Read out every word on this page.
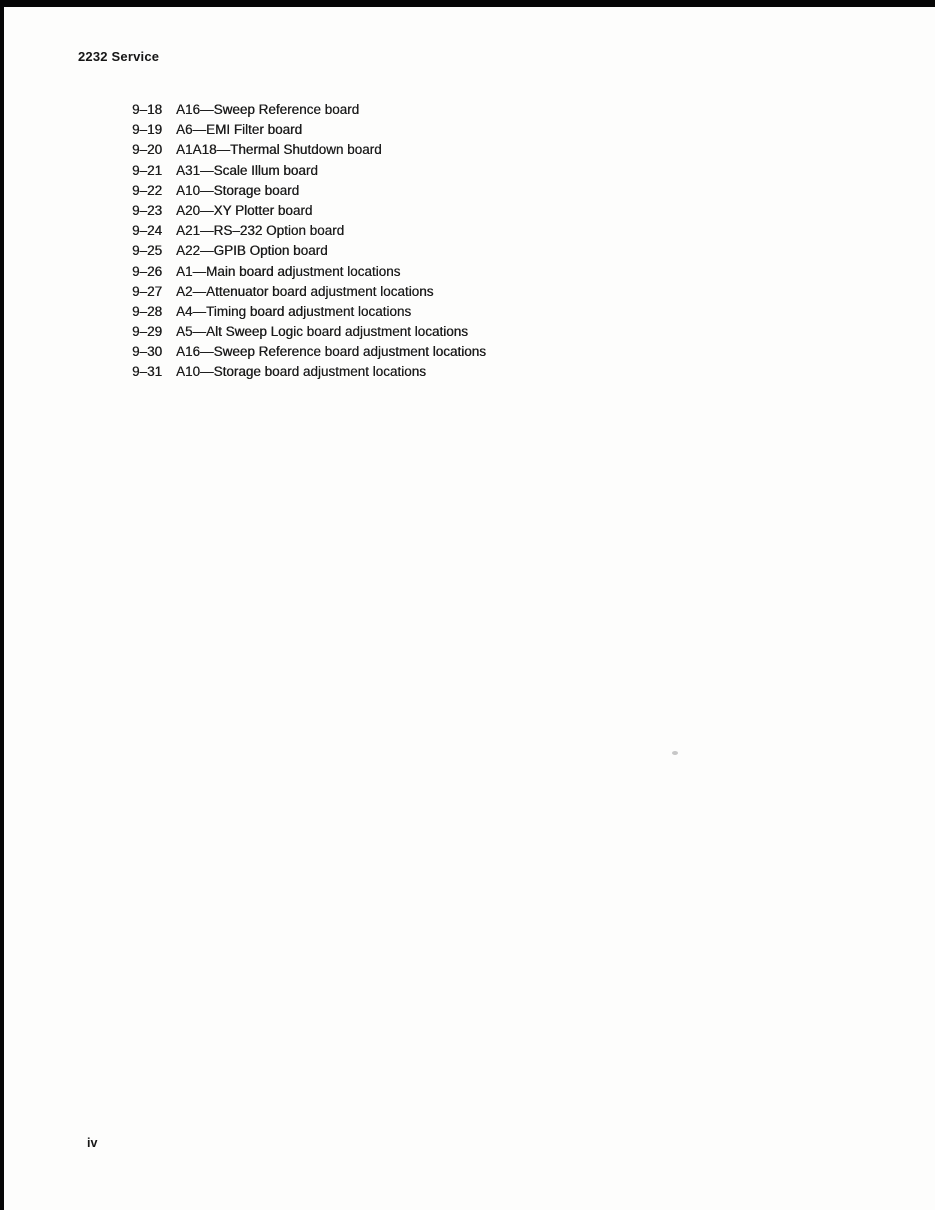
2232 Service
9–18	A16—Sweep Reference board
9–19	A6—EMI Filter board
9–20	A1A18—Thermal Shutdown board
9–21	A31—Scale Illum board
9–22	A10—Storage board
9–23	A20—XY Plotter board
9–24	A21—RS–232 Option board
9–25	A22—GPIB Option board
9–26	A1—Main board adjustment locations
9–27	A2—Attenuator board adjustment locations
9–28	A4—Timing board adjustment locations
9–29	A5—Alt Sweep Logic board adjustment locations
9–30	A16—Sweep Reference board adjustment locations
9–31	A10—Storage board adjustment locations
iv
